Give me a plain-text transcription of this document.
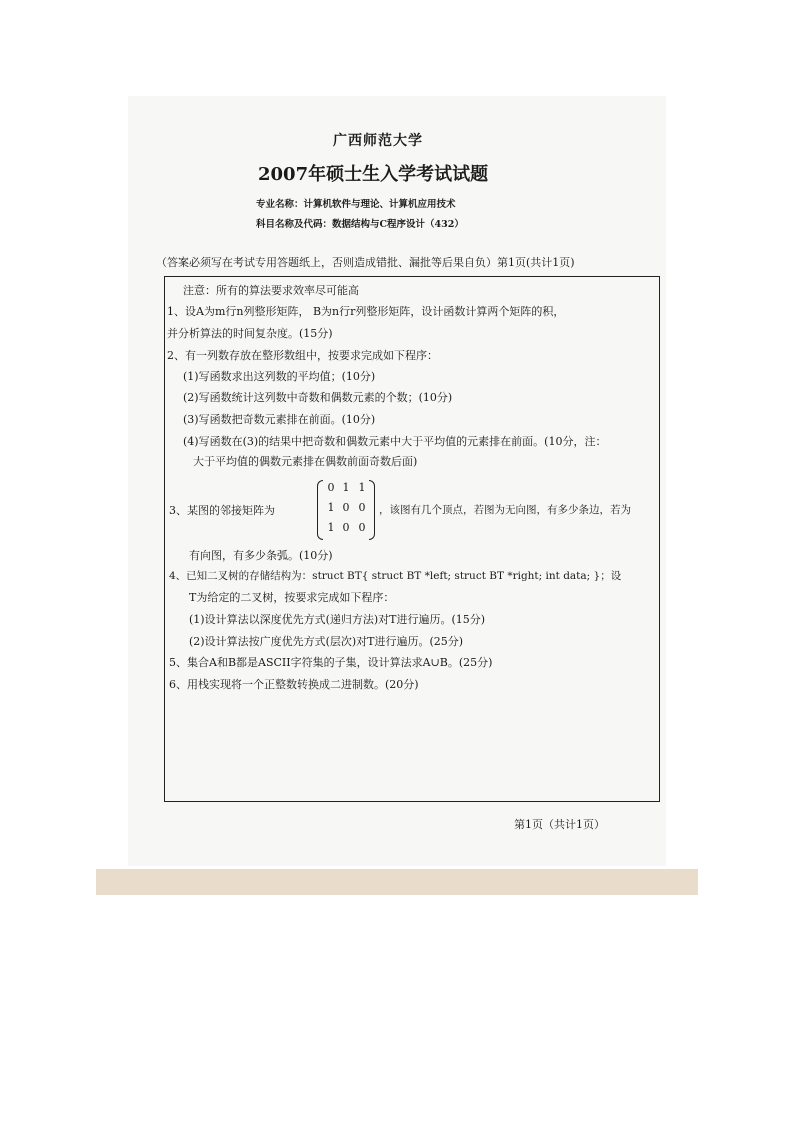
广西师范大学
2007年硕士生入学考试试题
专业名称：计算机软件与理论、计算机应用技术
科目名称及代码：数据结构与C程序设计（432）
（答案必须写在考试专用答题纸上，否则造成错批、漏批等后果自负）第1页(共计1页)
注意：所有的算法要求效率尽可能高
1、设A为m行n列整形矩阵， B为n行r列整形矩阵，设计函数计算两个矩阵的积，
并分析算法的时间复杂度。(15分)
2、有一列数存放在整形数组中，按要求完成如下程序：
(1)写函数求出这列数的平均值；(10分)
(2)写函数统计这列数中奇数和偶数元素的个数；(10分)
(3)写函数把奇数元素排在前面。(10分)
(4)写函数在(3)的结果中把奇数和偶数元素中大于平均值的元素排在前面。(10分，注：
大于平均值的偶数元素排在偶数前面奇数后面)
3、某图的邻接矩阵为
0 1 1
1 0 0
1 0 0
，该图有几个顶点，若图为无向图，有多少条边，若为
有向图，有多少条弧。(10分)
4、已知二叉树的存储结构为：struct BT{ struct BT *left; struct BT *right; int data; }；设
T为给定的二叉树，按要求完成如下程序：
(1)设计算法以深度优先方式(递归方法)对T进行遍历。(15分)
(2)设计算法按广度优先方式(层次)对T进行遍历。(25分)
5、集合A和B都是ASCII字符集的子集，设计算法求A∪B。(25分)
6、用栈实现将一个正整数转换成二进制数。(20分)
第1页（共计1页）
